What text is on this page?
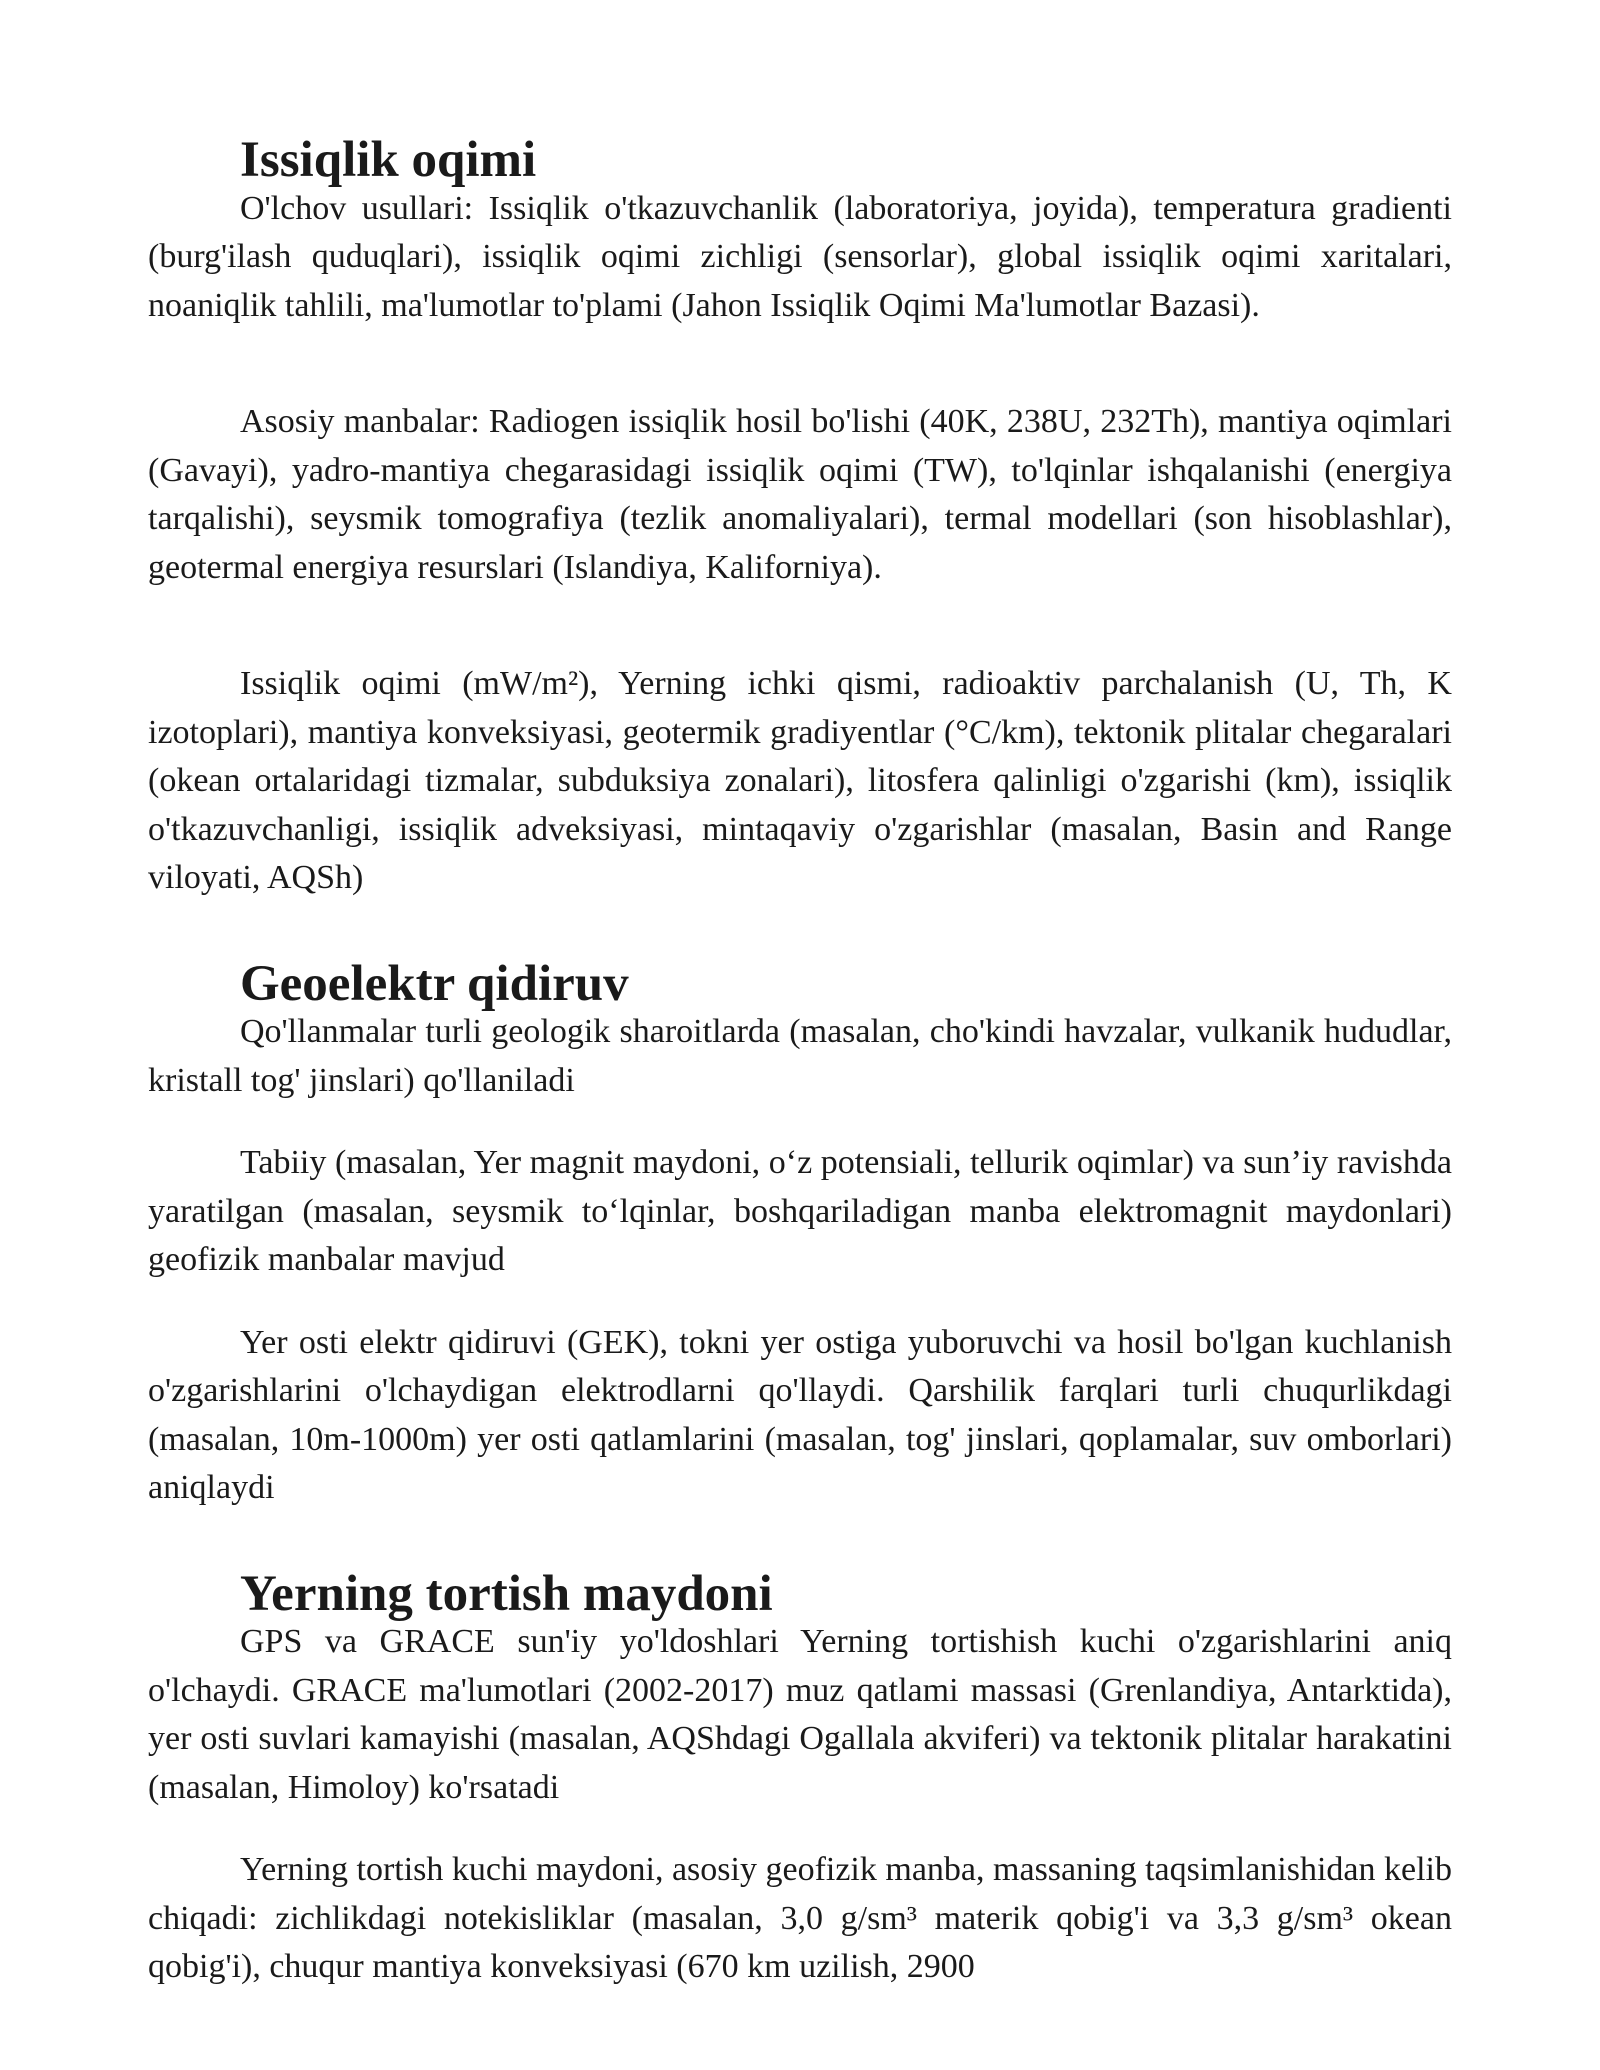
Issiqlik oqimi

O'lchov usullari: Issiqlik o'tkazuvchanlik (laboratoriya, joyida), temperatura gradienti (burg'ilash quduqlari), issiqlik oqimi zichligi (sensorlar), global issiqlik oqimi xaritalari, noaniqlik tahlili, ma'lumotlar to'plami (Jahon Issiqlik Oqimi Ma'lumotlar Bazasi).

Asosiy manbalar: Radiogen issiqlik hosil bo'lishi (40K, 238U, 232Th), mantiya oqimlari (Gavayi), yadro-mantiya chegarasidagi issiqlik oqimi (TW), to'lqinlar ishqalanishi (energiya tarqalishi), seysmik tomografiya (tezlik anomaliyalari), termal modellari (son hisoblashlar), geotermal energiya resurslari (Islandiya, Kaliforniya).

Issiqlik oqimi (mW/m²), Yerning ichki qismi, radioaktiv parchalanish (U, Th, K izotoplari), mantiya konveksiyasi, geotermik gradiyentlar (°C/km), tektonik plitalar chegaralari (okean ortalaridagi tizmalar, subduksiya zonalari), litosfera qalinligi o'zgarishi (km), issiqlik o'tkazuvchanligi, issiqlik adveksiyasi, mintaqaviy o'zgarishlar (masalan, Basin and Range viloyati, AQSh)

Geoelektr qidiruv

Qo'llanmalar turli geologik sharoitlarda (masalan, cho'kindi havzalar, vulkanik hududlar, kristall tog' jinslari) qo'llaniladi

Tabiiy (masalan, Yer magnit maydoni, o‘z potensiali, tellurik oqimlar) va sun’iy ravishda yaratilgan (masalan, seysmik to‘lqinlar, boshqariladigan manba elektromagnit maydonlari) geofizik manbalar mavjud

Yer osti elektr qidiruvi (GEK), tokni yer ostiga yuboruvchi va hosil bo'lgan kuchlanish o'zgarishlarini o'lchaydigan elektrodlarni qo'llaydi. Qarshilik farqlari turli chuqurlikdagi (masalan, 10m-1000m) yer osti qatlamlarini (masalan, tog' jinslari, qoplamalar, suv omborlari) aniqlaydi

Yerning tortish maydoni

GPS va GRACE sun'iy yo'ldoshlari Yerning tortishish kuchi o'zgarishlarini aniq o'lchaydi. GRACE ma'lumotlari (2002-2017) muz qatlami massasi (Grenlandiya, Antarktida), yer osti suvlari kamayishi (masalan, AQShdagi Ogallala akviferi) va tektonik plitalar harakatini (masalan, Himoloy) ko'rsatadi

Yerning tortish kuchi maydoni, asosiy geofizik manba, massaning taqsimlanishidan kelib chiqadi: zichlikdagi notekisliklar (masalan, 3,0 g/sm³ materik qobig'i va 3,3 g/sm³ okean qobig'i), chuqur mantiya konveksiyasi (670 km uzilish, 2900
